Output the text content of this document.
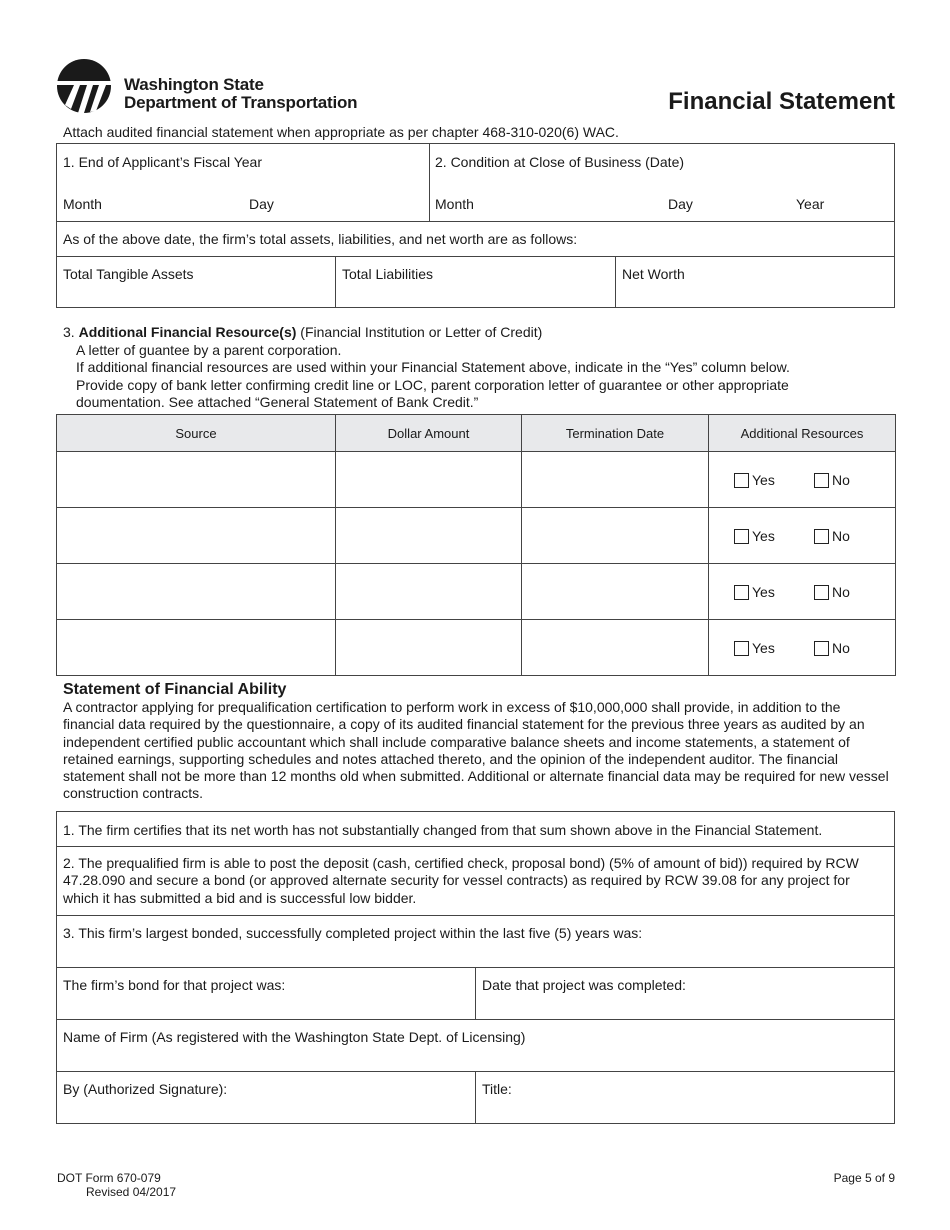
Washington State
Department of Transportation	Financial Statement
Attach audited financial statement when appropriate as per chapter 468-310-020(6) WAC.
1. End of Applicant’s Fiscal Year
Month	Day
2. Condition at Close of Business (Date)
Month	Day	Year
As of the above date, the firm’s total assets, liabilities, and net worth are as follows:
Total Tangible Assets	Total Liabilities	Net Worth
3. Additional Financial Resource(s) (Financial Institution or Letter of Credit)
A letter of guantee by a parent corporation.
If additional financial resources are used within your Financial Statement above, indicate in the “Yes” column below.
Provide copy of bank letter confirming credit line or LOC, parent corporation letter of guarantee or other appropriate
doumentation. See attached “General Statement of Bank Credit.”
Source	Dollar Amount	Termination Date	Additional Resources

			Yes No

			Yes No

			Yes No

			Yes No
Statement of Financial Ability
A contractor applying for prequalification certification to perform work in excess of $10,000,000 shall provide, in addition to the financial data required by the questionnaire, a copy of its audited financial statement for the previous three years as audited by an independent certified public accountant which shall include comparative balance sheets and income statements, a statement of retained earnings, supporting schedules and notes attached thereto, and the opinion of the independent auditor. The financial statement shall not be more than 12 months old when submitted. Additional or alternate financial data may be required for new vessel construction contracts.
1. The firm certifies that its net worth has not substantially changed from that sum shown above in the Financial Statement.
2. The prequalified firm is able to post the deposit (cash, certified check, proposal bond) (5% of amount of bid)) required by RCW 47.28.090 and secure a bond (or approved alternate security for vessel contracts) as required by RCW 39.08 for any project for which it has submitted a bid and is successful low bidder.
3. This firm’s largest bonded, successfully completed project within the last five (5) years was:
The firm’s bond for that project was:	Date that project was completed:
Name of Firm (As registered with the Washington State Dept. of Licensing)
By (Authorized Signature):	Title:
DOT Form 670-079
Revised 04/2017
Page 5 of 9
